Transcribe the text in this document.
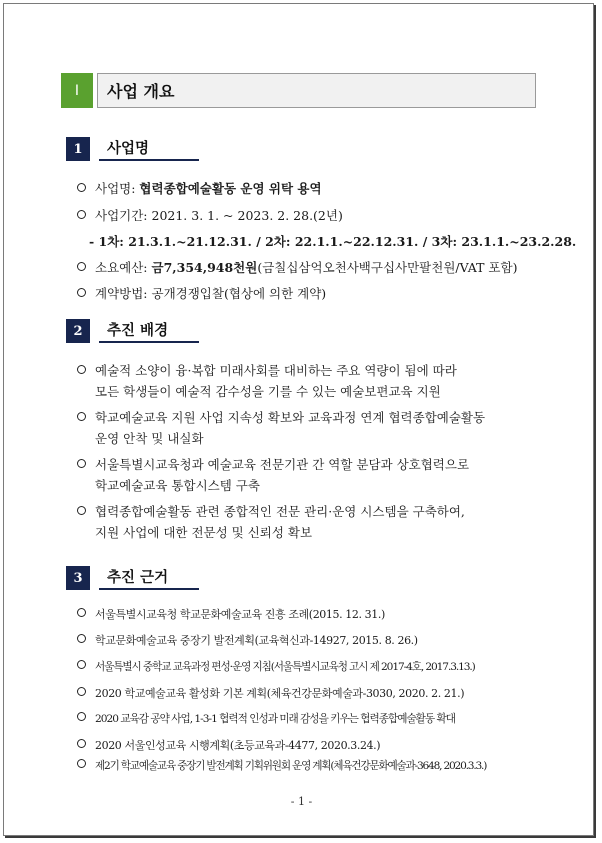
Ⅰ	사업 개요
1	사업명
사업명: 협력종합예술활동 운영 위탁 용역
사업기간: 2021. 3. 1. ~ 2023. 2. 28.(2년)
- 1차: 21.3.1.~21.12.31. / 2차: 22.1.1.~22.12.31. / 3차: 23.1.1.~23.2.28.
소요예산: 금7,354,948천원(금칠십삼억오천사백구십사만팔천원/VAT 포함)
계약방법: 공개경쟁입찰(협상에 의한 계약)
2	추진 배경
예술적 소양이 융·복합 미래사회를 대비하는 주요 역량이 됨에 따라
모든 학생들이 예술적 감수성을 기를 수 있는 예술보편교육 지원
학교예술교육 지원 사업 지속성 확보와 교육과정 연계 협력종합예술활동
운영 안착 및 내실화
서울특별시교육청과 예술교육 전문기관 간 역할 분담과 상호협력으로
학교예술교육 통합시스템 구축
협력종합예술활동 관련 종합적인 전문 관리·운영 시스템을 구축하여,
지원 사업에 대한 전문성 및 신뢰성 확보
3	추진 근거
서울특별시교육청 학교문화예술교육 진흥 조례(2015. 12. 31.)
학교문화예술교육 중장기 발전계획(교육혁신과-14927, 2015. 8. 26.)
서울특별시 중학교 교육과정 편성·운영 지침(서울특별시교육청 고시 제 2017-4호, 2017.3.13.)
2020 학교예술교육 활성화 기본 계획(체육건강문화예술과-3030, 2020. 2. 21.)
2020 교육감 공약 사업, 1-3-1 협력적 인성과 미래 감성을 키우는 협력종합예술활동 확대
2020 서울인성교육 시행계획(초등교육과-4477, 2020.3.24.)
제2기 학교예술교육 중장기 발전계획 기획위원회 운영 계획(체육건강문화예술과-3648, 2020.3.3.)
- 1 -
